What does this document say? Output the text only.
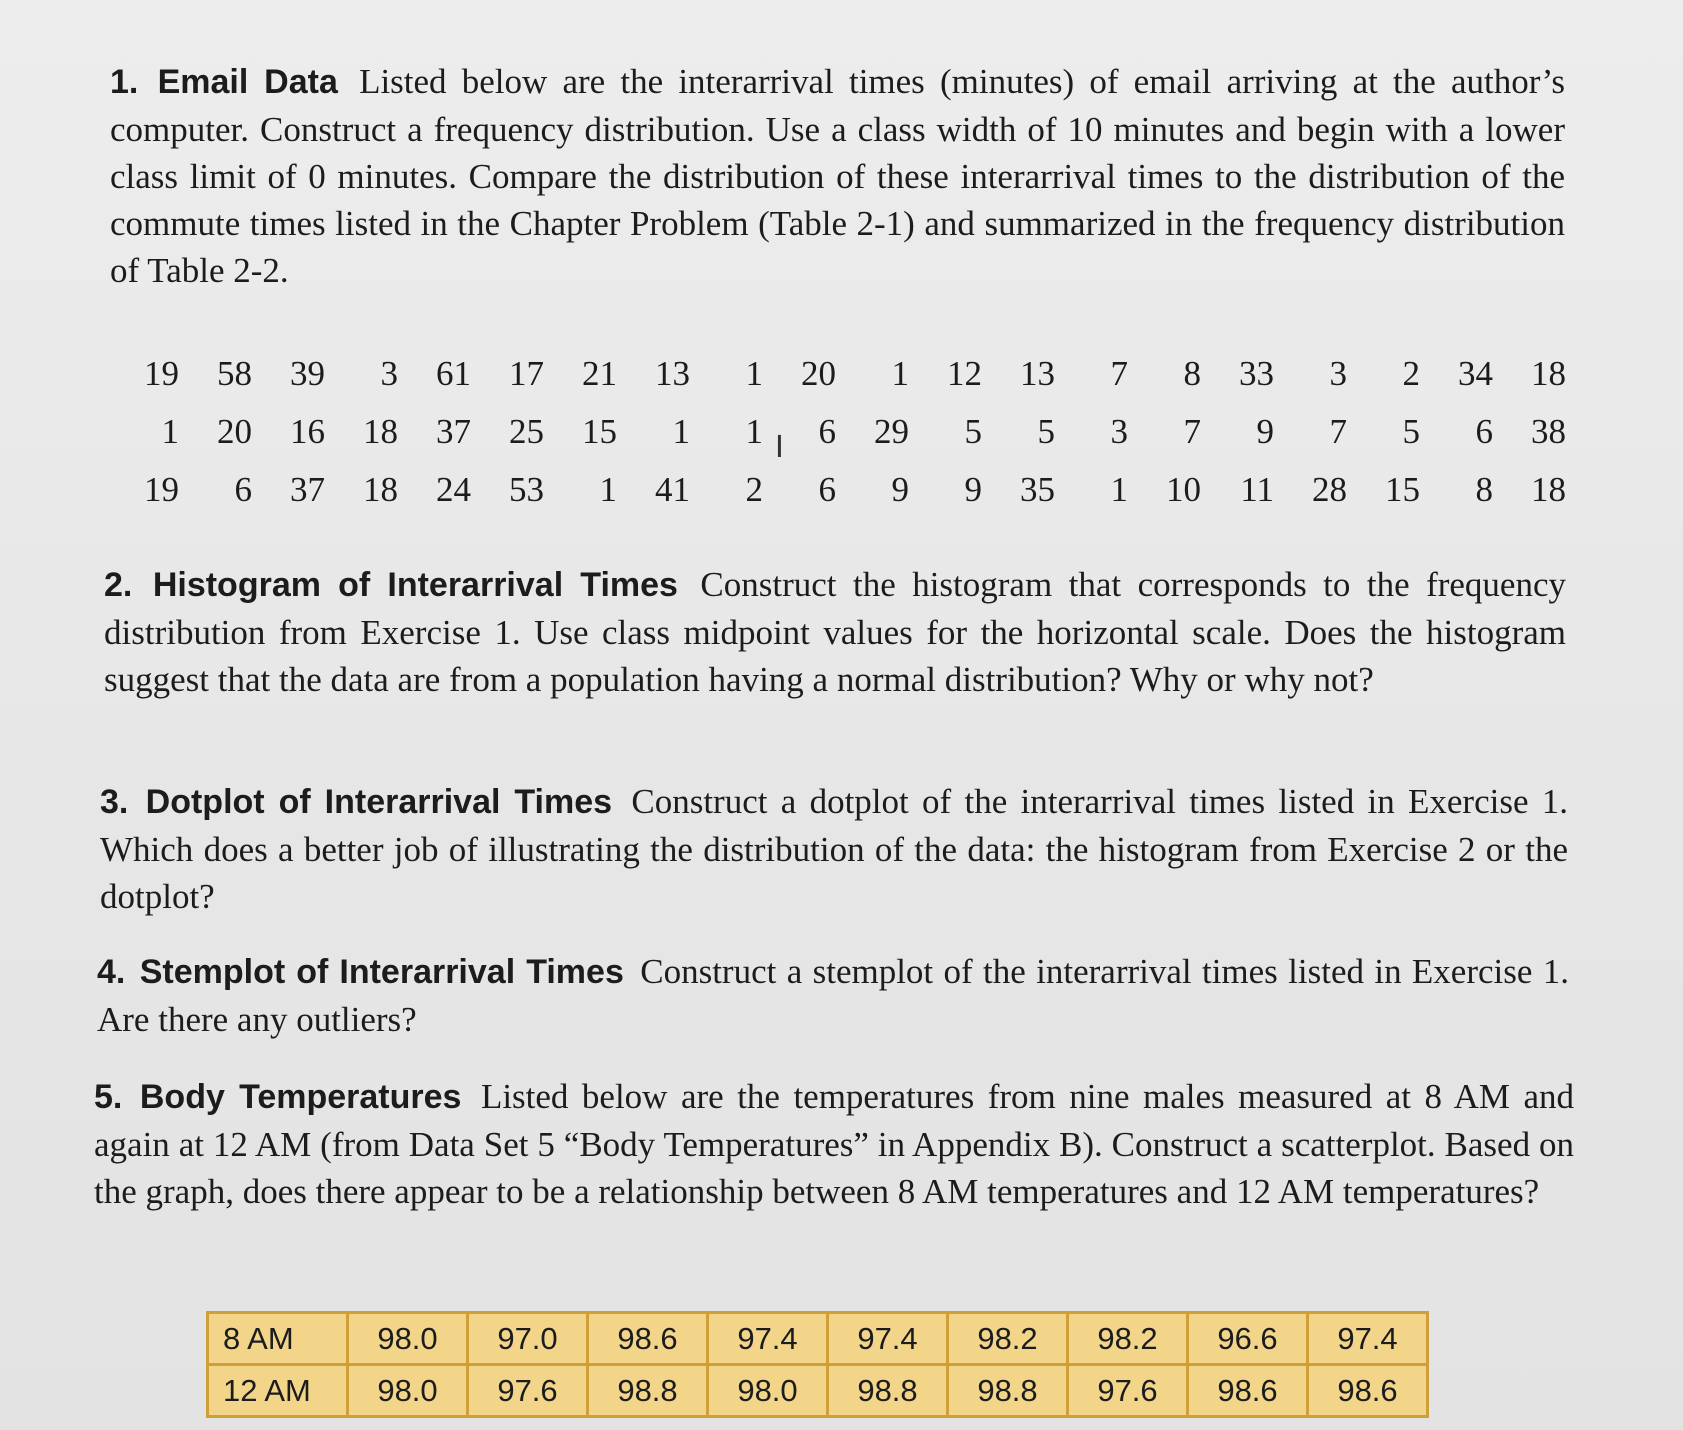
1. Email Data Listed below are the interarrival times (minutes) of email arriving at the author’s computer. Construct a frequency distribution. Use a class width of 10 minutes and begin with a lower class limit of 0 minutes. Compare the distribution of these interarrival times to the distribution of the commute times listed in the Chapter Problem (Table 2-1) and summarized in the frequency distribution of Table 2-2.
19	58	39	3	61	17	21	13	1	20	1	12	13	7	8	33	3	2	34	18
1	20	16	18	37	25	15	1	1	6	29	5	5	3	7	9	7	5	6	38
19	6	37	18	24	53	1	41	2	6	9	9	35	1	10	11	28	15	8	18
I
2. Histogram of Interarrival Times Construct the histogram that corresponds to the frequency distribution from Exercise 1. Use class midpoint values for the horizontal scale. Does the histogram suggest that the data are from a population having a normal distribution? Why or why not?
3. Dotplot of Interarrival Times Construct a dotplot of the interarrival times listed in Exercise 1. Which does a better job of illustrating the distribution of the data: the histogram from Exercise 2 or the dotplot?
4. Stemplot of Interarrival Times Construct a stemplot of the interarrival times listed in Exercise 1. Are there any outliers?
5. Body Temperatures Listed below are the temperatures from nine males measured at 8 AM and again at 12 AM (from Data Set 5 “Body Temperatures” in Appendix B). Construct a scatterplot. Based on the graph, does there appear to be a relationship between 8 AM temperatures and 12 AM temperatures?
8 AM	98.0	97.0	98.6	97.4	97.4	98.2	98.2	96.6	97.4
12 AM	98.0	97.6	98.8	98.0	98.8	98.8	97.6	98.6	98.6
